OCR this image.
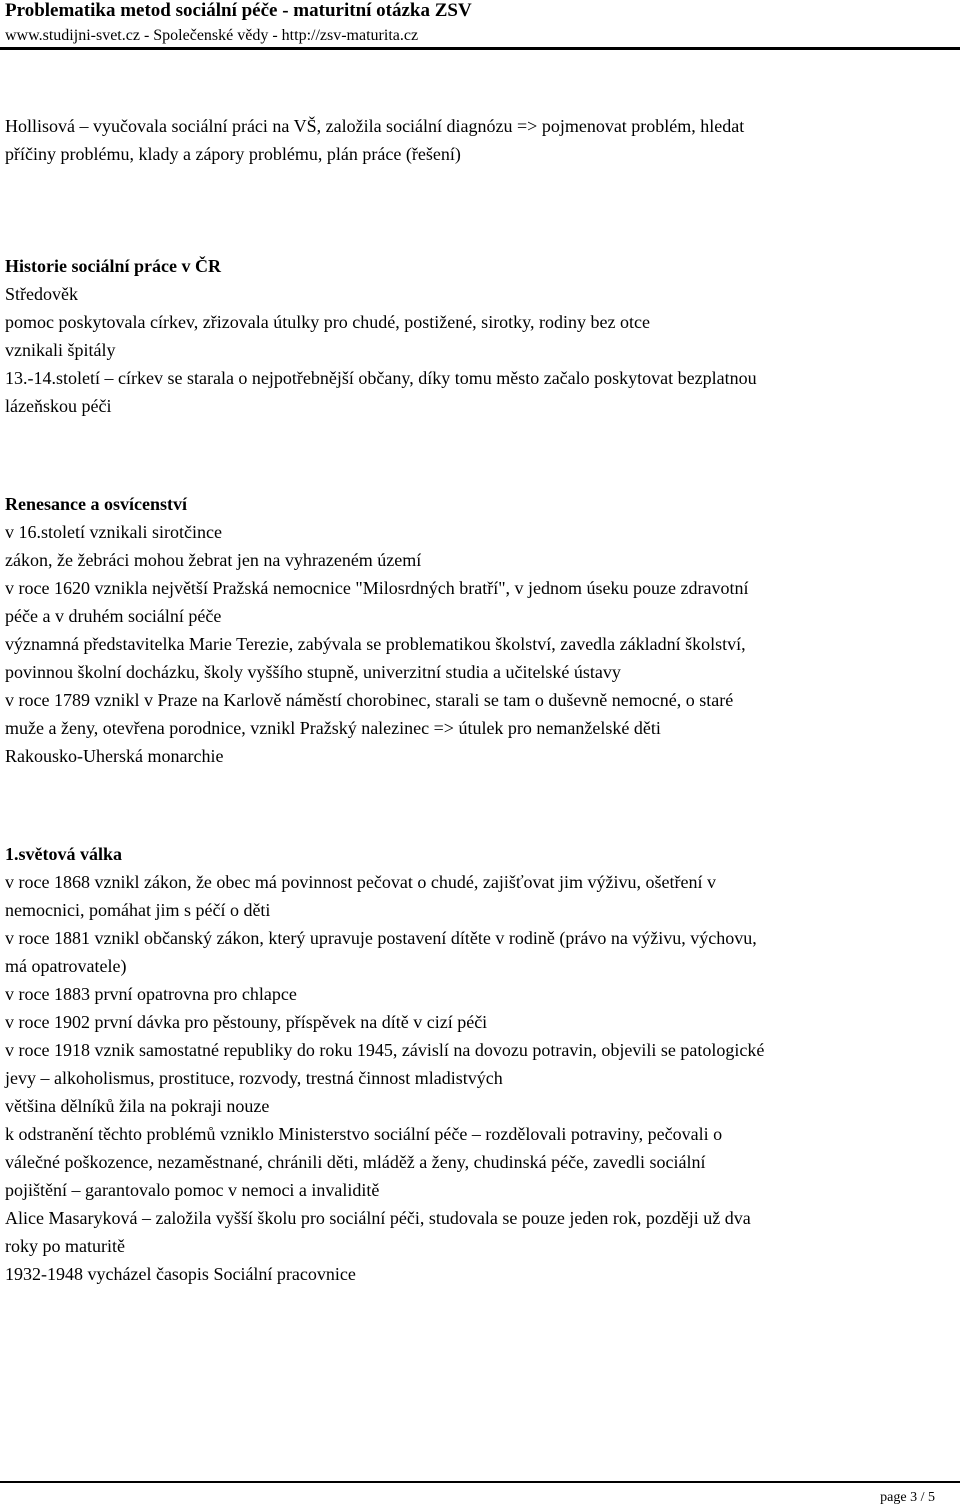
Problematika metod sociální péče - maturitní otázka ZSV

www.studijni-svet.cz - Společenské vědy - http://zsv-maturita.cz

Hollisová – vyučovala sociální práci na VŠ, založila sociální diagnózu => pojmenovat problém, hledat

příčiny problému, klady a zápory problému, plán práce (řešení)

Historie sociální práce v ČR

Středověk

pomoc poskytovala církev, zřizovala útulky pro chudé, postižené, sirotky, rodiny bez otce

vznikali špitály

13.-14.století – církev se starala o nejpotřebnější občany, díky tomu město začalo poskytovat bezplatnou

lázeňskou péči

Renesance a osvícenství

v 16.století vznikali sirotčince

zákon, že žebráci mohou žebrat jen na vyhrazeném území

v roce 1620 vznikla největší Pražská nemocnice "Milosrdných bratří", v jednom úseku pouze zdravotní

péče a v druhém sociální péče

významná představitelka Marie Terezie, zabývala se problematikou školství, zavedla základní školství,

povinnou školní docházku, školy vyššího stupně, univerzitní studia a učitelské ústavy

v roce 1789 vznikl v Praze na Karlově náměstí chorobinec, starali se tam o duševně nemocné, o staré

muže a ženy, otevřena porodnice, vznikl Pražský nalezinec => útulek pro nemanželské děti

Rakousko-Uherská monarchie

1.světová válka

v roce 1868 vznikl zákon, že obec má povinnost pečovat o chudé, zajišťovat jim výživu, ošetření v

nemocnici, pomáhat jim s péčí o děti

v roce 1881 vznikl občanský zákon, který upravuje postavení dítěte v rodině (právo na výživu, výchovu,

má opatrovatele)

v roce 1883 první opatrovna pro chlapce

v roce 1902 první dávka pro pěstouny, příspěvek na dítě v cizí péči

v roce 1918 vznik samostatné republiky do roku 1945, závislí na dovozu potravin, objevili se patologické

jevy – alkoholismus, prostituce, rozvody, trestná činnost mladistvých

většina dělníků žila na pokraji nouze

k odstranění těchto problémů vzniklo Ministerstvo sociální péče – rozdělovali potraviny, pečovali o

válečné poškozence, nezaměstnané, chránili děti, mláděž a ženy, chudinská péče, zavedli sociální

pojištění – garantovalo pomoc v nemoci a invaliditě

Alice Masaryková – založila vyšší školu pro sociální péči, studovala se pouze jeden rok, později už dva

roky po maturitě

1932-1948 vycházel časopis Sociální pracovnice

page 3 / 5
